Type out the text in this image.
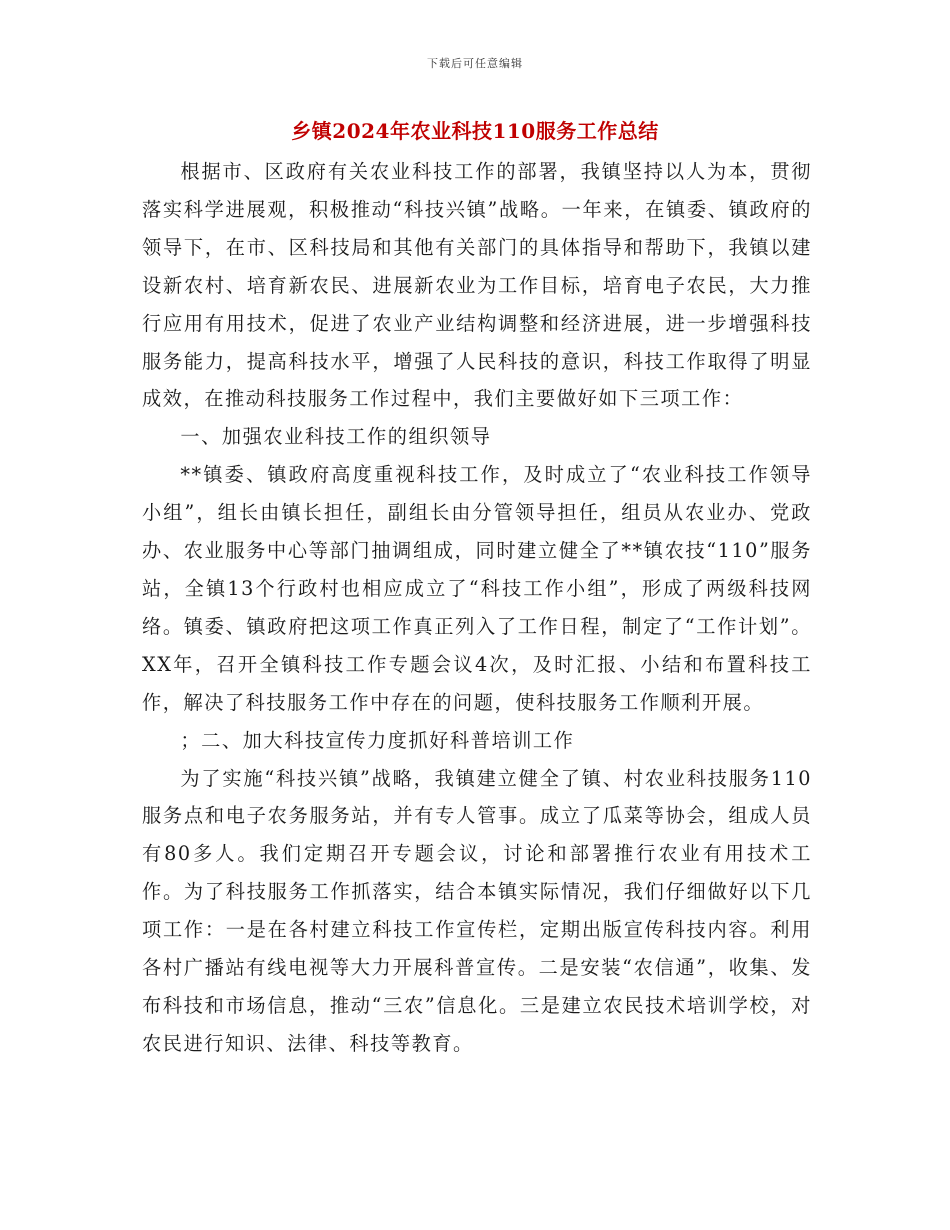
下载后可任意编辑
乡镇2024年农业科技110服务工作总结

根据市、区政府有关农业科技工作的部署，我镇坚持以人为本，贯彻落实科学进展观，积极推动“科技兴镇”战略。一年来，在镇委、镇政府的领导下，在市、区科技局和其他有关部门的具体指导和帮助下，我镇以建设新农村、培育新农民、进展新农业为工作目标，培育电子农民，大力推行应用有用技术，促进了农业产业结构调整和经济进展，进一步增强科技服务能力，提高科技水平，增强了人民科技的意识，科技工作取得了明显成效，在推动科技服务工作过程中，我们主要做好如下三项工作：

一、加强农业科技工作的组织领导

**镇委、镇政府高度重视科技工作，及时成立了“农业科技工作领导小组”，组长由镇长担任，副组长由分管领导担任，组员从农业办、党政办、农业服务中心等部门抽调组成，同时建立健全了**镇农技“110”服务站，全镇13个行政村也相应成立了“科技工作小组”，形成了两级科技网络。镇委、镇政府把这项工作真正列入了工作日程，制定了“工作计划”。XX年，召开全镇科技工作专题会议4次，及时汇报、小结和布置科技工作，解决了科技服务工作中存在的问题，使科技服务工作顺利开展。

；二、加大科技宣传力度抓好科普培训工作

为了实施“科技兴镇”战略，我镇建立健全了镇、村农业科技服务110服务点和电子农务服务站，并有专人管事。成立了瓜菜等协会，组成人员有80多人。我们定期召开专题会议，讨论和部署推行农业有用技术工作。为了科技服务工作抓落实，结合本镇实际情况，我们仔细做好以下几项工作：一是在各村建立科技工作宣传栏，定期出版宣传科技内容。利用各村广播站有线电视等大力开展科普宣传。二是安装“农信通”，收集、发布科技和市场信息，推动“三农”信息化。三是建立农民技术培训学校，对农民进行知识、法律、科技等教育。
